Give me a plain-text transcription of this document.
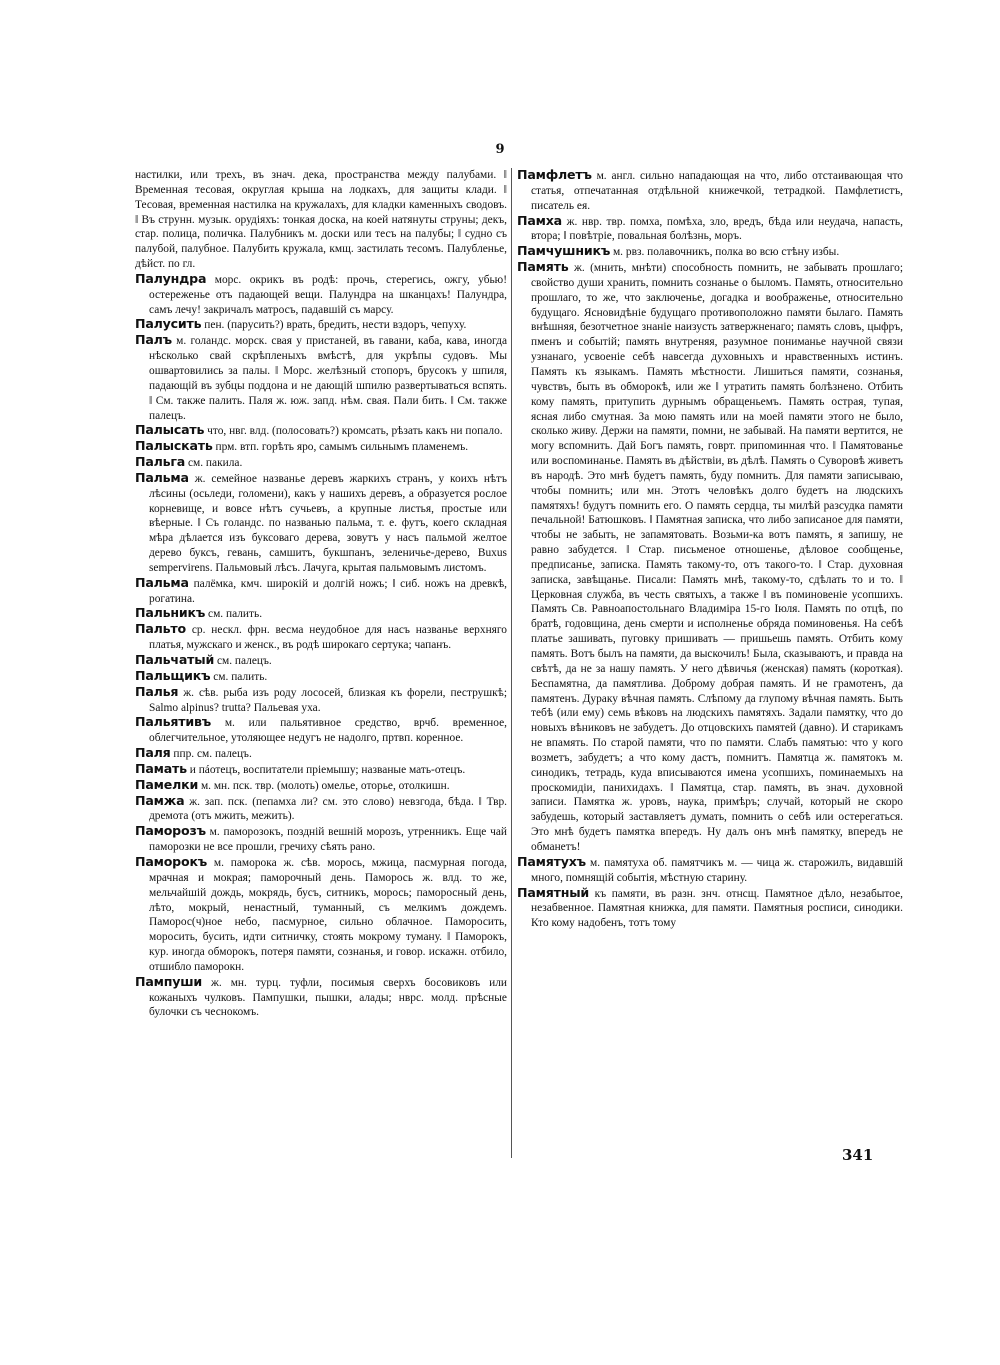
9

настилки, или трехъ, въ знач. дека, пространства между палубами. ‖ Временная тесовая, округлая крыша на лодкахъ, для защиты клади. ‖ Тесовая, временная настилка на кружалахъ, для кладки каменныхъ сводовъ. ‖ Въ струнн. музык. орудіяхъ: тонкая доска, на коей натянуты струны; декъ, стар. полица, поличка. Палубникъ м. доски или тесъ на палубы; ‖ судно съ палубой, палубное. Палубить кружала, кмщ. застилать тесомъ. Палубленье, дѣйст. по гл.

Палундра морс. окрикъ въ родѣ: прочь, стерегись, ожгу, убью! остереженье отъ падающей вещи. Палундра на шканцахъ! Палундра, самъ лечу! закричалъ матросъ, падавшій съ марсу.

Палусить пен. (парусить?) врать, бредить, нести вздоръ, чепуху.

Палъ м. голандс. морск. свая у пристаней, въ гавани, каба, кава, иногда нѣсколько свай скрѣпленыхъ вмѣстѣ, для укрѣпы судовъ. Мы ошвартовились за палы. ‖ Морс. желѣзный стопоръ, брусокъ у шпиля, падающій въ зубцы поддона и не дающій шпилю развертываться вспять. ‖ См. также палить. Паля ж. юж. запд. нѣм. свая. Пали бить. ‖ См. также палецъ.

Палысать что, нвг. влд. (полосовать?) кромсать, рѣзать какъ ни попало.

Палыскать прм. втп. горѣть яро, самымъ сильнымъ пламенемъ.

Пальга см. пакила.

Пальма ж. семейное названье деревъ жаркихъ странъ, у коихъ нѣтъ лѣсины (осьледи, голомени), какъ у нашихъ деревъ, а образуется рослое корневище, и вовсе нѣтъ сучьевъ, а крупные листья, простые или вѣерные. ‖ Съ голандс. по названью пальма, т. е. футъ, коего складная мѣра дѣлается изъ буксоваго дерева, зовутъ у насъ пальмой желтое дерево буксъ, гевань, самшитъ, букшпанъ, зеленичье-дерево, Buxus sempervirens. Пальмовый лѣсъ. Лачуга, крытая пальмовымъ листомъ.

Пальма палёмка, кмч. широкій и долгій ножъ; ‖ сиб. ножъ на древкѣ, рогатина.

Пальникъ см. палить.

Пальто ср. нескл. фрн. весма неудобное для насъ названье верхняго платья, мужскаго и женск., въ родѣ широкаго сертука; чапанъ.

Пальчатый см. палецъ.

Пальщикъ см. палить.

Палья ж. сѣв. рыба изъ роду лососей, близкая къ форели, пеструшкѣ; Salmo alpinus? trutta? Пальевая уха.

Пальятивъ м. или пальятивное средство, врчб. временное, облегчительное, утоляющее недугъ не надолго, пртвп. коренное.

Паля ппр. см. палецъ.

Памать и пáотецъ, воспитатели пріемышу; названые мать-отецъ.

Памелки м. мн. пск. твр. (молоть) омелье, оторье, отолкишн.

Памжа ж. зап. пск. (пепамха ли? см. это слово) невзгода, бѣда. ‖ Твр. дремота (отъ мжить, межить).

Паморозъ м. паморозокъ, поздній вешній морозъ, утренникъ. Еще чай паморозки не все прошли, гречиху сѣять рано.

Паморокъ м. паморока ж. сѣв. морось, мжица, пасмурная погода, мрачная и мокрая; паморочный день. Паморось ж. влд. то же, мельчайшій дождь, мокрядь, бусъ, ситникъ, морось; паморосный день, лѣто, мокрый, ненастный, туманный, съ мелкимъ дождемъ. Паморос(ч)ное небо, пасмурное, сильно облачное. Паморосить, моросить, бусить, идти ситничку, стоять мокрому туману. ‖ Паморокъ, кур. иногда обморокъ, потеря памяти, сознанья, и говор. искажн. отбило, отшибло паморокн.

Пампуши ж. мн. турц. туфли, посимыя сверхъ босовиковъ или кожаныхъ чулковъ. Пампушки, пышки, алады; нврс. молд. прѣсные булочки съ чеснокомъ.

Памфлетъ м. англ. сильно нападающая на что, либо отстаивающая что статья, отпечатанная отдѣльной книжечкой, тетрадкой. Памфлетистъ, писатель ея.

Памха ж. нвр. твр. помха, помѣха, зло, вредъ, бѣда или неудача, напасть, втора; ‖ повѣтріе, повальная болѣзнь, моръ.

Памчушникъ м. рвз. полавочникъ, полка во всю стѣну избы.

Память ж. (мнить, мнѣти) способность помнить, не забывать прошлаго; свойство души хранить, помнить сознанье о быломъ. Память, относительно прошлаго, то же, что заключенье, догадка и воображенье, относительно будущаго. Ясновидѣніе будущаго противоположно памяти былаго. Память внѣшняя, безотчетное знаніе наизусть затвержненаго; память словъ, цыфръ, пменъ и событій; память внутреняя, разумное пониманье научной связи узнанаго, усвоеніе себѣ навсегда духовныхъ и нравственныхъ истинъ. Память къ языкамъ. Память мѣстности. Лишиться памяти, сознанья, чувствъ, быть въ обморокѣ, или же ‖ утратить память болѣзнено. Отбить кому память, притупить дурнымъ обращеньемъ. Память острая, тупая, ясная либо смутная. За мою память или на моей памяти этого не было, сколько живу. Держи на памяти, помни, не забывай. На памяти вертится, не могу вспомнить. Дай Богъ память, говрт. припоминная что. ‖ Памятованье или воспоминанье. Память въ дѣйствіи, въ дѣлѣ. Память о Суворовѣ живетъ въ народѣ. Это мнѣ будетъ память, буду помнить. Для памяти записываю, чтобы помнить; или мн. Этотъ человѣкъ долго будетъ на людскихъ памятяхъ! будутъ помнить его. О память сердца, ты милѣй разсудка памяти печальной! Батюшковъ. ‖ Памятная записка, что либо записаное для памяти, чтобы не забыть, не запамятовать. Возьми-ка вотъ память, я запишу, не равно забудется. ‖ Стар. письменое отношенье, дѣловое сообщенье, предписанье, записка. Память такому-то, отъ такого-то. ‖ Стар. духовная записка, завѣщанье. Писали: Память мнѣ, такому-то, сдѣлать то и то. ‖ Церковная служба, въ честь святыхъ, а также ‖ въ поминовеніе усопшихъ. Память Св. Равноапостольнаго Владиміра 15-го Іюля. Память по отцѣ, по братѣ, годовщина, день смерти и исполненье обряда поминовенья. На себѣ платье зашивать, пуговку пришивать — пришьешь память. Отбить кому память. Вотъ былъ на памяти, да выскочилъ! Была, сказываютъ, и правда на свѣтѣ, да не за нашу память. У него дѣвичья (женская) память (короткая). Беспамятна, да памятлива. Доброму добрая память. И не грамотенъ, да памятенъ. Дураку вѣчная память. Слѣпому да глупому вѣчная память. Быть тебѣ (или ему) семь вѣковъ на людскихъ памятяхъ. Задали памятку, что до новыхъ вѣниковъ не забудетъ. До отцовскихъ памятей (давно). И старикамъ не впамять. По старой памяти, что по памяти. Слабъ памятью: что у кого возметъ, забудетъ; а что кому дастъ, помнитъ. Памятца ж. памятокъ м. синодикъ, тетрадь, куда вписываются имена усопшихъ, поминаемыхъ на проскомидіи, панихидахъ. ‖ Памятца, стар. память, въ знач. духовной записи. Памятка ж. уровъ, наука, примѣръ; случай, который не скоро забудешь, который заставляетъ думать, помнить о себѣ или остерегаться. Это мнѣ будетъ памятка впередъ. Ну далъ онъ мнѣ памятку, впередъ не обманетъ!

Памятухъ м. памятуха об. памятчикъ м. — чица ж. старожилъ, видавшій много, помнящій событія, мѣстную старину.

Памятный къ памяти, въ разн. знч. отнсщ. Памятное дѣло, незабытое, незабвенное. Памятная книжка, для памяти. Памятныя росписи, синодики. Кто кому надобенъ, тотъ тому

341
